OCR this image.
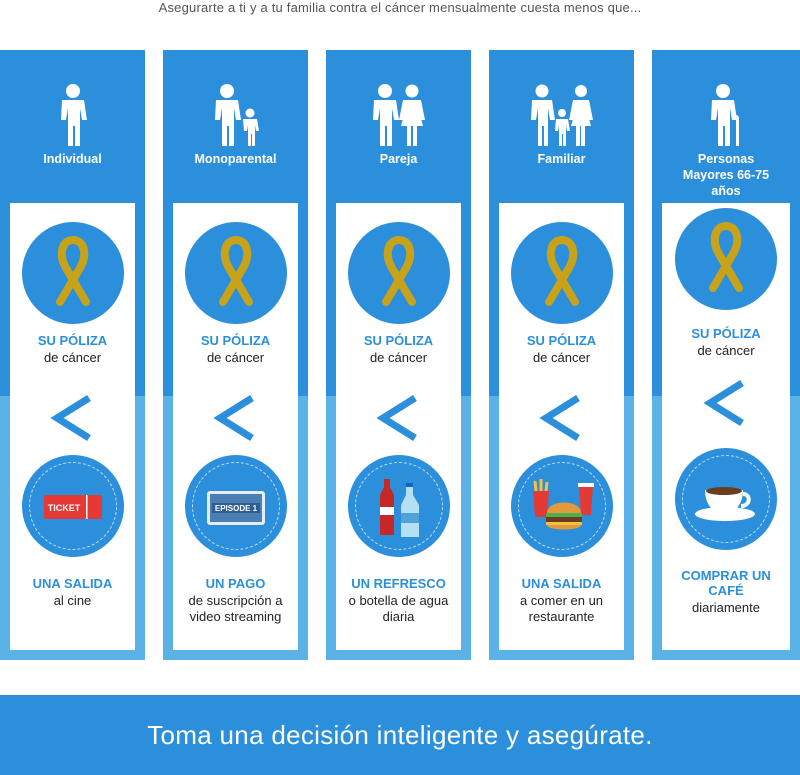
Asegurarte a ti y a tu familia contra el cáncer mensualmente cuesta menos que...
Individual
SU PÓLIZA
de cáncer
TICKET
UNA SALIDA
al cine
Monoparental
SU PÓLIZA
de cáncer
EPISODE 1
UN PAGO
de suscripción a video streaming
Pareja
SU PÓLIZA
de cáncer
UN REFRESCO
o botella de agua diaria
Familiar
SU PÓLIZA
de cáncer
UNA SALIDA
a comer en un restaurante
Personas Mayores 66-75 años
SU PÓLIZA
de cáncer
COMPRAR UN CAFÉ
diariamente
Toma una decisión inteligente y asegúrate.
